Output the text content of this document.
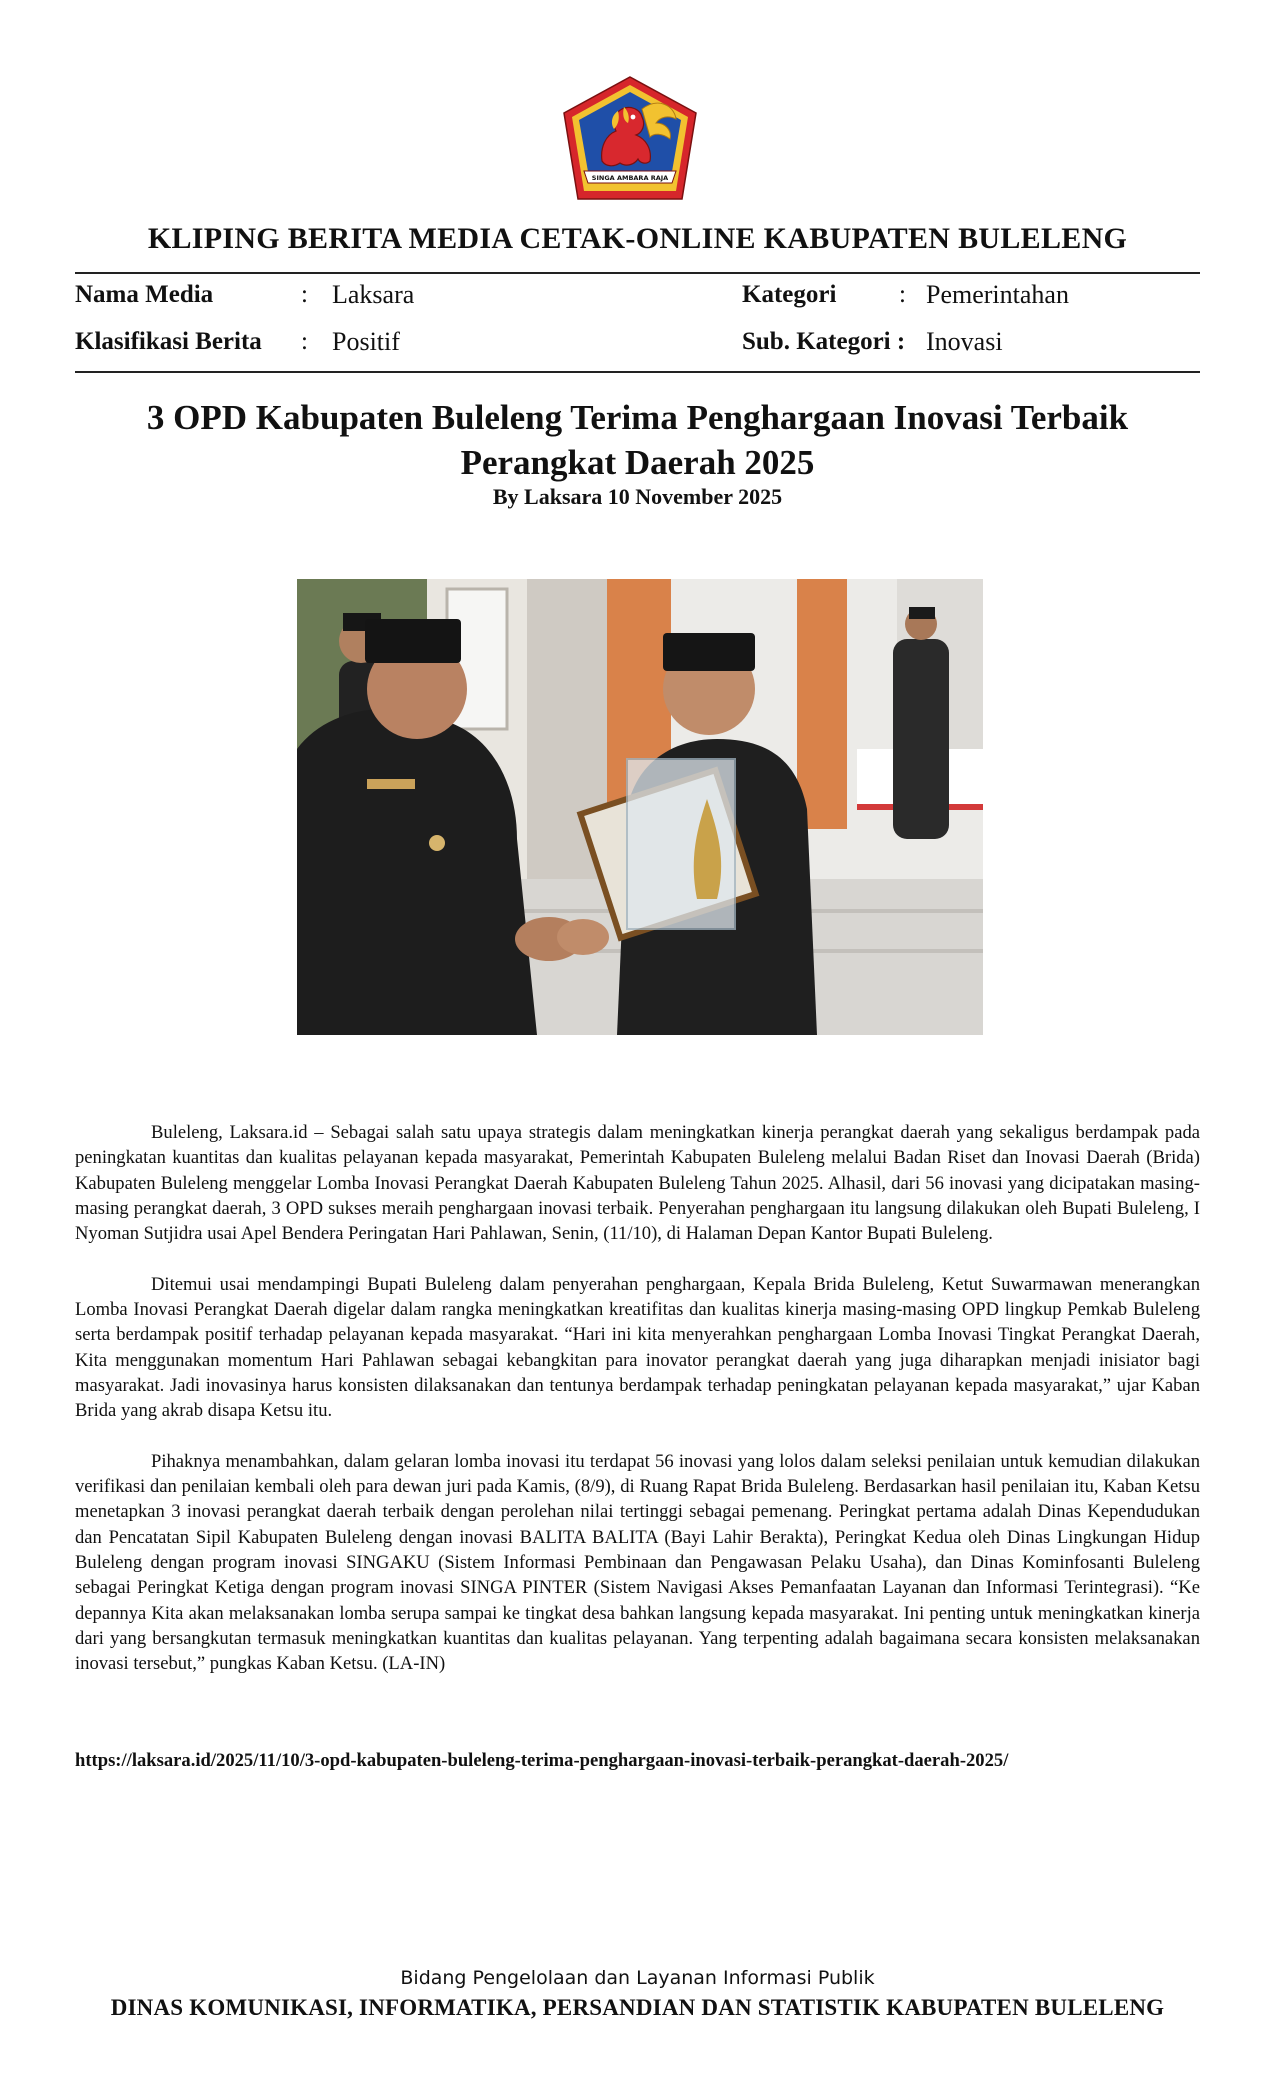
SINGA AMBARA RAJA
KLIPING BERITA MEDIA CETAK-ONLINE KABUPATEN BULELENG
Nama Media	: Laksara
Klasifikasi Berita : Positif
Kategori	: Pemerintahan
Sub. Kategori : Inovasi
3 OPD Kabupaten Buleleng Terima Penghargaan Inovasi Terbaik Perangkat Daerah 2025
By Laksara 10 November 2025

Buleleng, Laksara.id – Sebagai salah satu upaya strategis dalam meningkatkan kinerja perangkat daerah yang sekaligus berdampak pada peningkatan kuantitas dan kualitas pelayanan kepada masyarakat, Pemerintah Kabupaten Buleleng melalui Badan Riset dan Inovasi Daerah (Brida) Kabupaten Buleleng menggelar Lomba Inovasi Perangkat Daerah Kabupaten Buleleng Tahun 2025. Alhasil, dari 56 inovasi yang dicipatakan masing-masing perangkat daerah, 3 OPD sukses meraih penghargaan inovasi terbaik. Penyerahan penghargaan itu langsung dilakukan oleh Bupati Buleleng, I Nyoman Sutjidra usai Apel Bendera Peringatan Hari Pahlawan, Senin, (11/10), di Halaman Depan Kantor Bupati Buleleng.

Ditemui usai mendampingi Bupati Buleleng dalam penyerahan penghargaan, Kepala Brida Buleleng, Ketut Suwarmawan menerangkan Lomba Inovasi Perangkat Daerah digelar dalam rangka meningkatkan kreatifitas dan kualitas kinerja masing-masing OPD lingkup Pemkab Buleleng serta berdampak positif terhadap pelayanan kepada masyarakat. “Hari ini kita menyerahkan penghargaan Lomba Inovasi Tingkat Perangkat Daerah, Kita menggunakan momentum Hari Pahlawan sebagai kebangkitan para inovator perangkat daerah yang juga diharapkan menjadi inisiator bagi masyarakat. Jadi inovasinya harus konsisten dilaksanakan dan tentunya berdampak terhadap peningkatan pelayanan kepada masyarakat,” ujar Kaban Brida yang akrab disapa Ketsu itu.

Pihaknya menambahkan, dalam gelaran lomba inovasi itu terdapat 56 inovasi yang lolos dalam seleksi penilaian untuk kemudian dilakukan verifikasi dan penilaian kembali oleh para dewan juri pada Kamis, (8/9), di Ruang Rapat Brida Buleleng. Berdasarkan hasil penilaian itu, Kaban Ketsu menetapkan 3 inovasi perangkat daerah terbaik dengan perolehan nilai tertinggi sebagai pemenang. Peringkat pertama adalah Dinas Kependudukan dan Pencatatan Sipil Kabupaten Buleleng dengan inovasi BALITA BALITA (Bayi Lahir Berakta), Peringkat Kedua oleh Dinas Lingkungan Hidup Buleleng dengan program inovasi SINGAKU (Sistem Informasi Pembinaan dan Pengawasan Pelaku Usaha), dan Dinas Kominfosanti Buleleng sebagai Peringkat Ketiga dengan program inovasi SINGA PINTER (Sistem Navigasi Akses Pemanfaatan Layanan dan Informasi Terintegrasi). “Ke depannya Kita akan melaksanakan lomba serupa sampai ke tingkat desa bahkan langsung kepada masyarakat. Ini penting untuk meningkatkan kinerja dari yang bersangkutan termasuk meningkatkan kuantitas dan kualitas pelayanan. Yang terpenting adalah bagaimana secara konsisten melaksanakan inovasi tersebut,” pungkas Kaban Ketsu. (LA-IN)

https://laksara.id/2025/11/10/3-opd-kabupaten-buleleng-terima-penghargaan-inovasi-terbaik-perangkat-daerah-2025/
Bidang Pengelolaan dan Layanan Informasi Publik
DINAS KOMUNIKASI, INFORMATIKA, PERSANDIAN DAN STATISTIK KABUPATEN BULELENG
